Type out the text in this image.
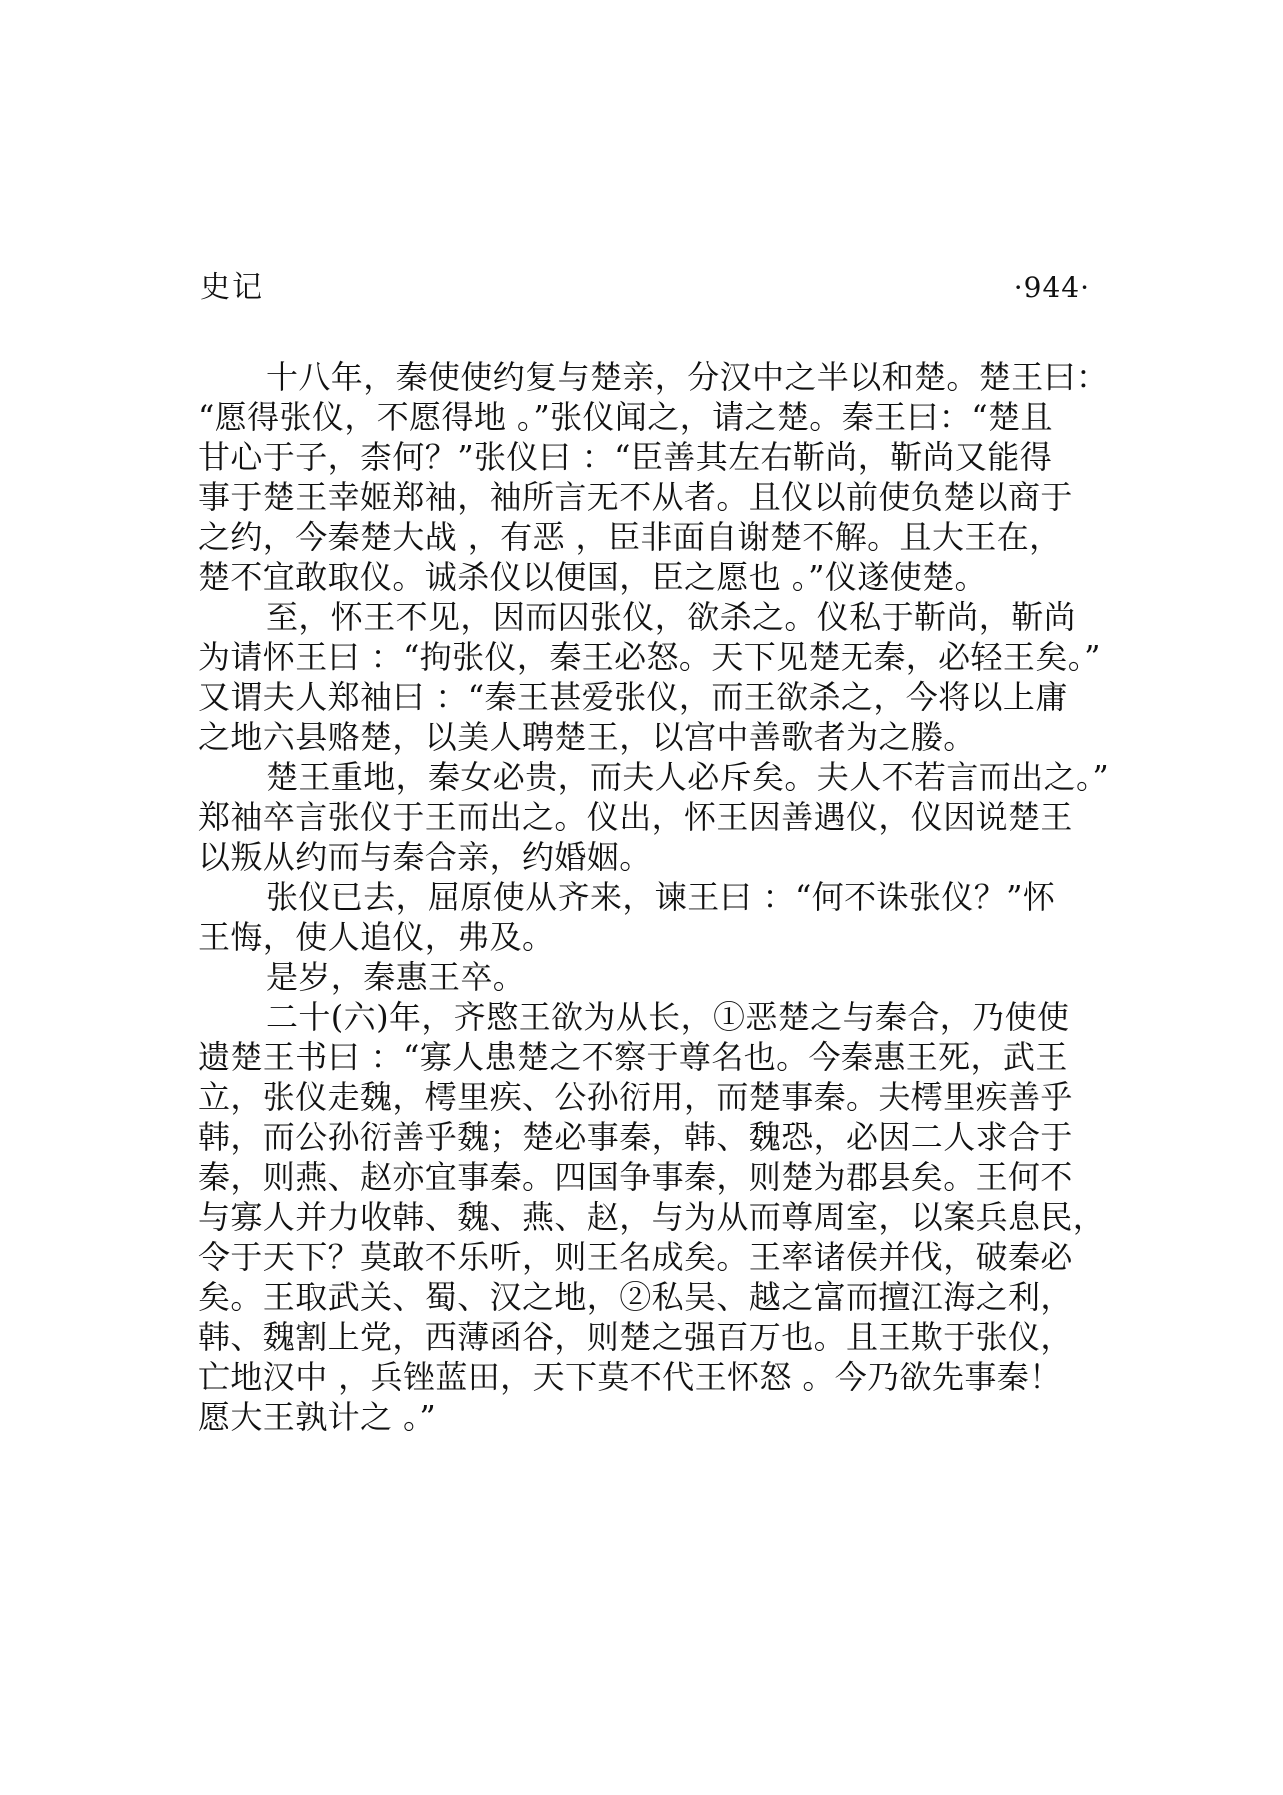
史记	·944·
十八年，秦使使约复与楚亲，分汉中之半以和楚。楚王曰：
“愿得张仪，不愿得地 。”张仪闻之，请之楚。秦王曰：“楚且
甘心于子，柰何？”张仪曰 ：“臣善其左右靳尚，靳尚又能得
事于楚王幸姬郑袖，袖所言无不从者。且仪以前使负楚以商于
之约，今秦楚大战 ，有恶 ，臣非面自谢楚不解。且大王在，
楚不宜敢取仪。诚杀仪以便国，臣之愿也 。”仪遂使楚。
至，怀王不见，因而囚张仪，欲杀之。仪私于靳尚，靳尚
为请怀王曰 ：“拘张仪，秦王必怒。天下见楚无秦，必轻王矣。”
又谓夫人郑袖曰 ：“秦王甚爱张仪，而王欲杀之，今将以上庸
之地六县赂楚，以美人聘楚王，以宫中善歌者为之媵。
楚王重地，秦女必贵，而夫人必斥矣。夫人不若言而出之。”
郑袖卒言张仪于王而出之。仪出，怀王因善遇仪，仪因说楚王
以叛从约而与秦合亲，约婚姻。
张仪已去，屈原使从齐来，谏王曰 ：“何不诛张仪？”怀
王悔，使人追仪，弗及。
是岁，秦惠王卒。
二十(六)年，齐愍王欲为从长，①恶楚之与秦合，乃使使
遗楚王书曰 ：“寡人患楚之不察于尊名也。今秦惠王死，武王
立，张仪走魏，樗里疾、公孙衍用，而楚事秦。夫樗里疾善乎
韩，而公孙衍善乎魏；楚必事秦，韩、魏恐，必因二人求合于
秦，则燕、赵亦宜事秦。四国争事秦，则楚为郡县矣。王何不
与寡人并力收韩、魏、燕、赵，与为从而尊周室，以案兵息民，
令于天下？莫敢不乐听，则王名成矣。王率诸侯并伐，破秦必
矣。王取武关、蜀、汉之地，②私吴、越之富而擅江海之利，
韩、魏割上党，西薄函谷，则楚之强百万也。且王欺于张仪，
亡地汉中 ，兵锉蓝田，天下莫不代王怀怒 。今乃欲先事秦！
愿大王孰计之 。”
